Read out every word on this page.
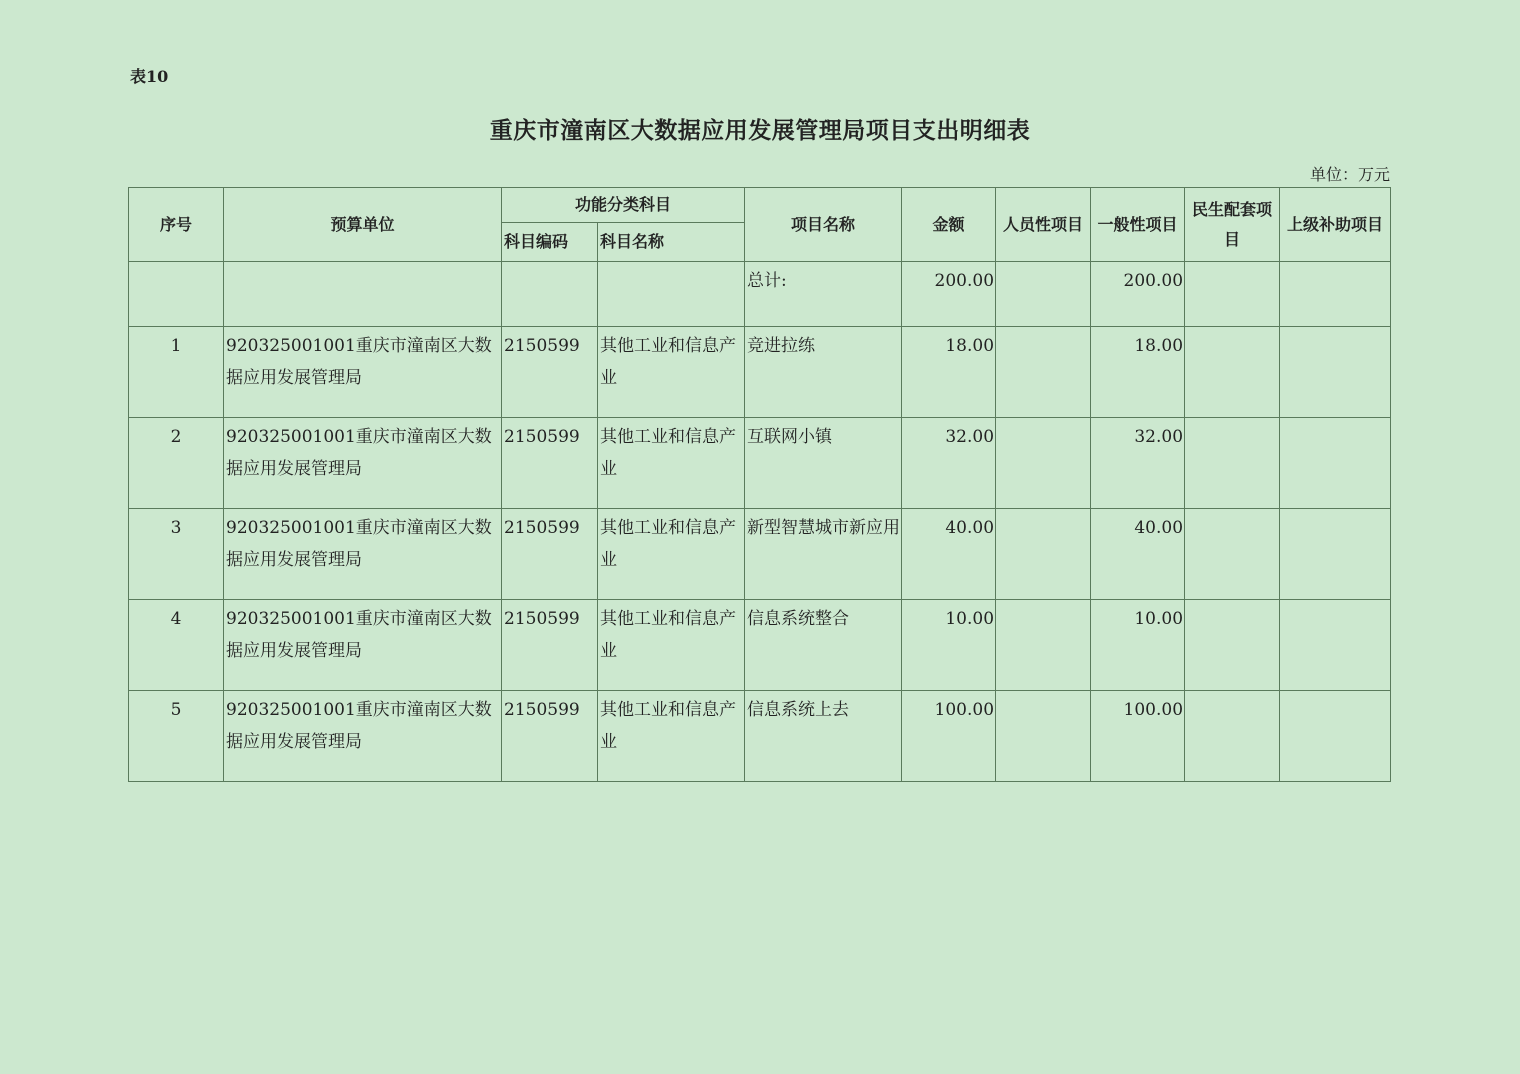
表10
重庆市潼南区大数据应用发展管理局项目支出明细表
单位：万元
序号	预算单位	功能分类科目		项目名称	金额	人员性项目	一般性项目	民生配套项目	上级补助项目
		科目编码	科目名称						
				总计:	200.00		200.00		
1	920325001001重庆市潼南区大数据应用发展管理局	2150599	其他工业和信息产业	竞进拉练	18.00		18.00		
2	920325001001重庆市潼南区大数据应用发展管理局	2150599	其他工业和信息产业	互联网小镇	32.00		32.00		
3	920325001001重庆市潼南区大数据应用发展管理局	2150599	其他工业和信息产业	新型智慧城市新应用	40.00		40.00		
4	920325001001重庆市潼南区大数据应用发展管理局	2150599	其他工业和信息产业	信息系统整合	10.00		10.00		
5	920325001001重庆市潼南区大数据应用发展管理局	2150599	其他工业和信息产业	信息系统上去	100.00		100.00		
